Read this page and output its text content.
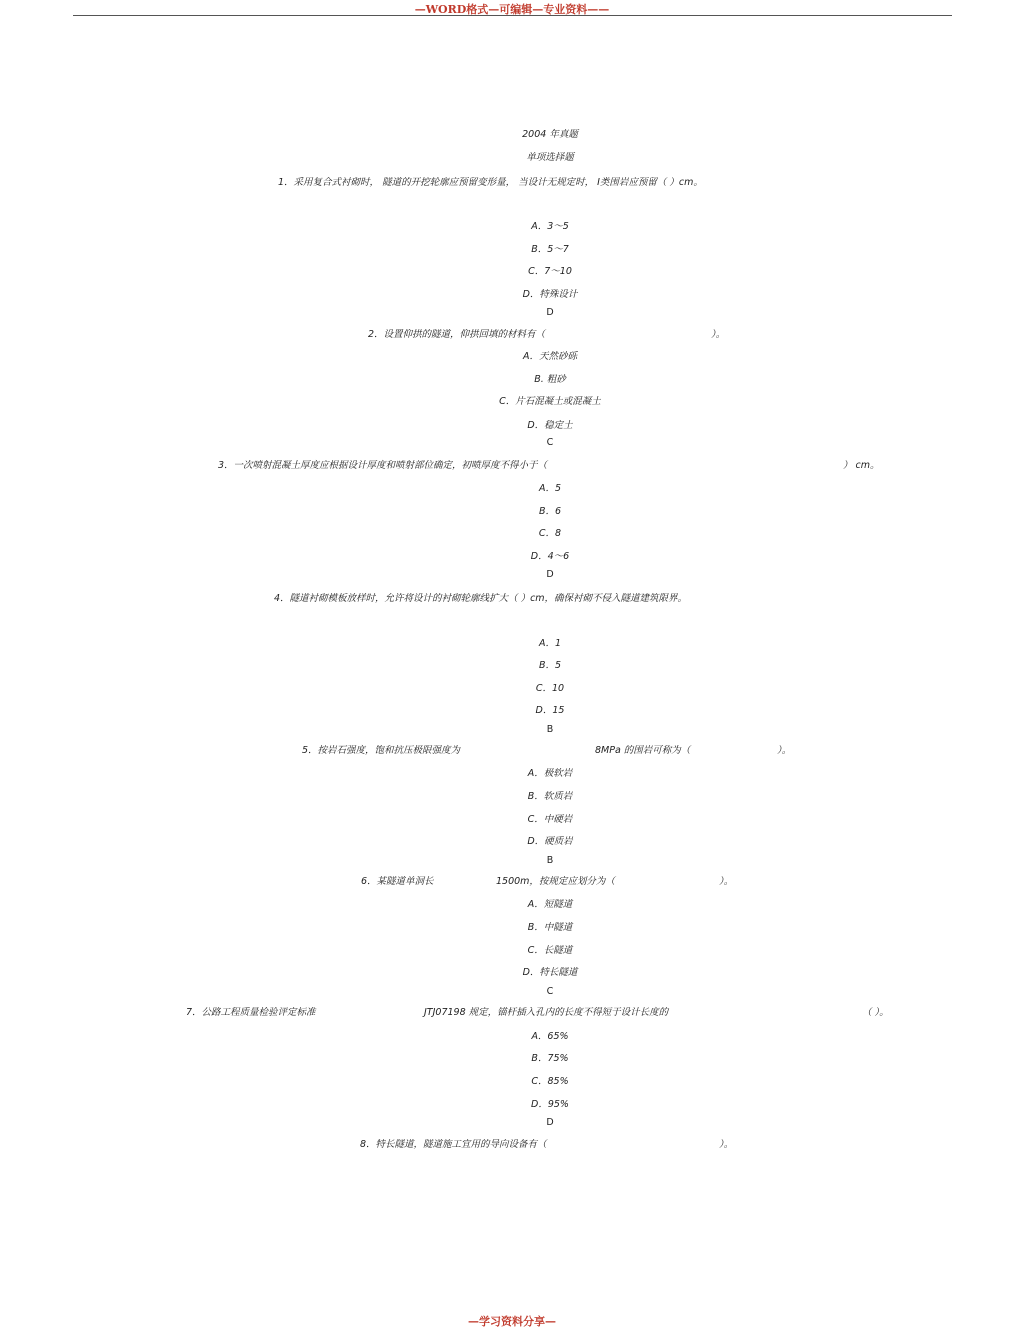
—WORD格式—可编辑—专业资料——
2004 年真题
单项选择题
1．采用复合式衬砌时， 隧道的开挖轮廓应预留变形量， 当设计无规定时， Ⅰ类围岩应预留（ ）cm。
A．3～5
B．5～7
C．7～10
D．特殊设计
D
2．设置仰拱的隧道，仰拱回填的材料有（	）。
A．天然砂砾
B. 粗砂
C．片石混凝土或混凝土
D．稳定土
C
3．一次喷射混凝土厚度应根据设计厚度和喷射部位确定，初喷厚度不得小于（	） cm。
A．5
B．6
C．8
D．4～6
D
4．隧道衬砌模板放样时，允许将设计的衬砌轮廓线扩大（ ）cm，确保衬砌不侵入隧道建筑限界。
A．1
B．5
C．10
D．15
B
5．按岩石强度，饱和抗压极限强度为	8MPa 的围岩可称为（	）。
A．极软岩
B．软质岩
C．中硬岩
D．硬质岩
B
6．某隧道单洞长	1500m，按规定应划分为（	）。
A．短隧道
B．中隧道
C．长隧道
D．特长隧道
C
7．公路工程质量检验评定标准	JTJ07198 规定，锚杆插入孔内的长度不得短于设计长度的	（ ）。
A．65%
B．75%
C．85%
D．95%
D
8．特长隧道，隧道施工宜用的导向设备有（	）。
—学习资料分享—
